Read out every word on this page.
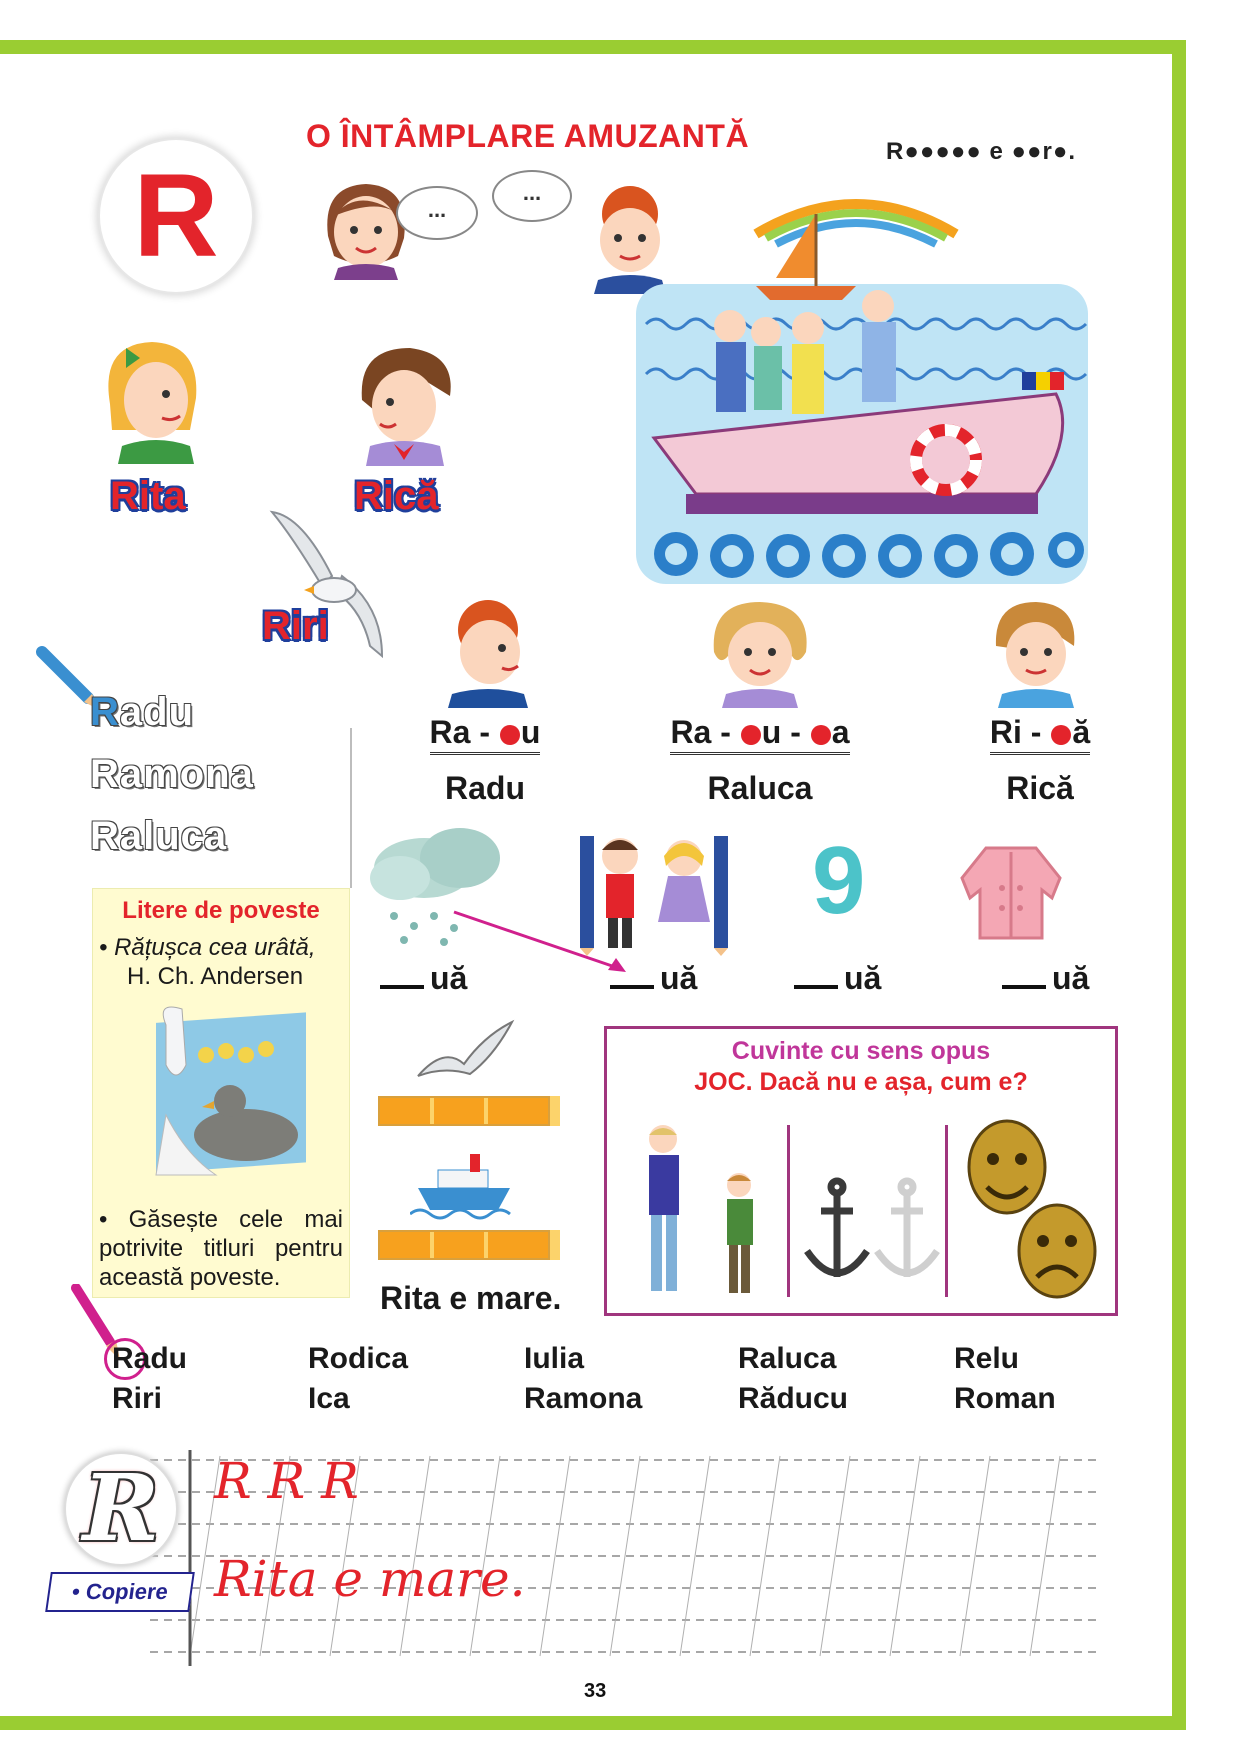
R
O ÎNTÂMPLARE AMUZANTĂ	R●●●●● e ●●r●.
...
...
Rita	Rică
Riri
Radu
Ramona
Raluca
Ra - u
Radu
Ra - u - a
Raluca
Ri - ă
Rică
9
uă	uă	uă	uă
Litere de poveste
• Rățușca cea urâtă,
H. Ch. Andersen
• Găsește cele mai potrivite titluri pentru această poveste.
Rita e mare.
Cuvinte cu sens opus
JOC. Dacă nu e așa, cum e?
Radu	Rodica	Iulia	Raluca	Relu
Riri	Ica	Ramona	Răducu	Roman
R
• Copiere
R R R
Rita e mare.
33
